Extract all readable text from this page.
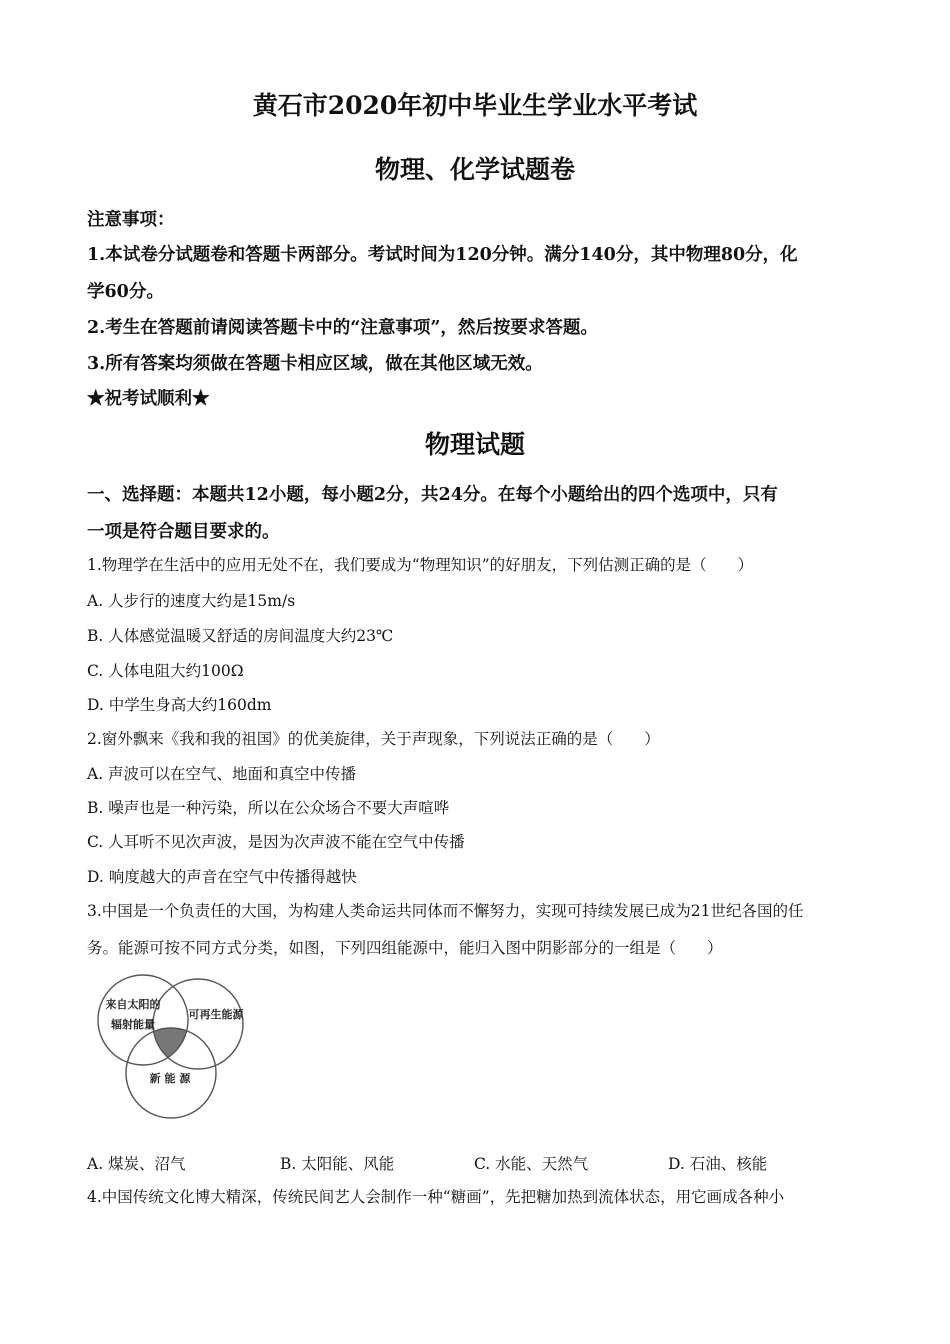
黄石市2020年初中毕业生学业水平考试
物理、化学试题卷
注意事项：
1.本试卷分试题卷和答题卡两部分。考试时间为120分钟。满分140分，其中物理80分，化
学60分。
2.考生在答题前请阅读答题卡中的“注意事项”，然后按要求答题。
3.所有答案均须做在答题卡相应区域，做在其他区域无效。
★祝考试顺利★
物理试题
一、选择题：本题共12小题，每小题2分，共24分。在每个小题给出的四个选项中，只有
一项是符合题目要求的。
1.物理学在生活中的应用无处不在，我们要成为“物理知识”的好朋友，下列估测正确的是（　　）
A. 人步行的速度大约是15m/s
B. 人体感觉温暖又舒适的房间温度大约23℃
C. 人体电阻大约100Ω
D. 中学生身高大约160dm
2.窗外飘来《我和我的祖国》的优美旋律，关于声现象，下列说法正确的是（　　）
A. 声波可以在空气、地面和真空中传播
B. 噪声也是一种污染，所以在公众场合不要大声喧哗
C. 人耳听不见次声波，是因为次声波不能在空气中传播
D. 响度越大的声音在空气中传播得越快
3.中国是一个负责任的大国，为构建人类命运共同体而不懈努力，实现可持续发展已成为21世纪各国的任
务。能源可按不同方式分类，如图，下列四组能源中，能归入图中阴影部分的一组是（　　）
来自太阳的
辐射能量
可再生能源
新 能 源
A. 煤炭、沼气	B. 太阳能、风能	C. 水能、天然气	D. 石油、核能
4.中国传统文化博大精深，传统民间艺人会制作一种“糖画”，先把糖加热到流体状态，用它画成各种小
